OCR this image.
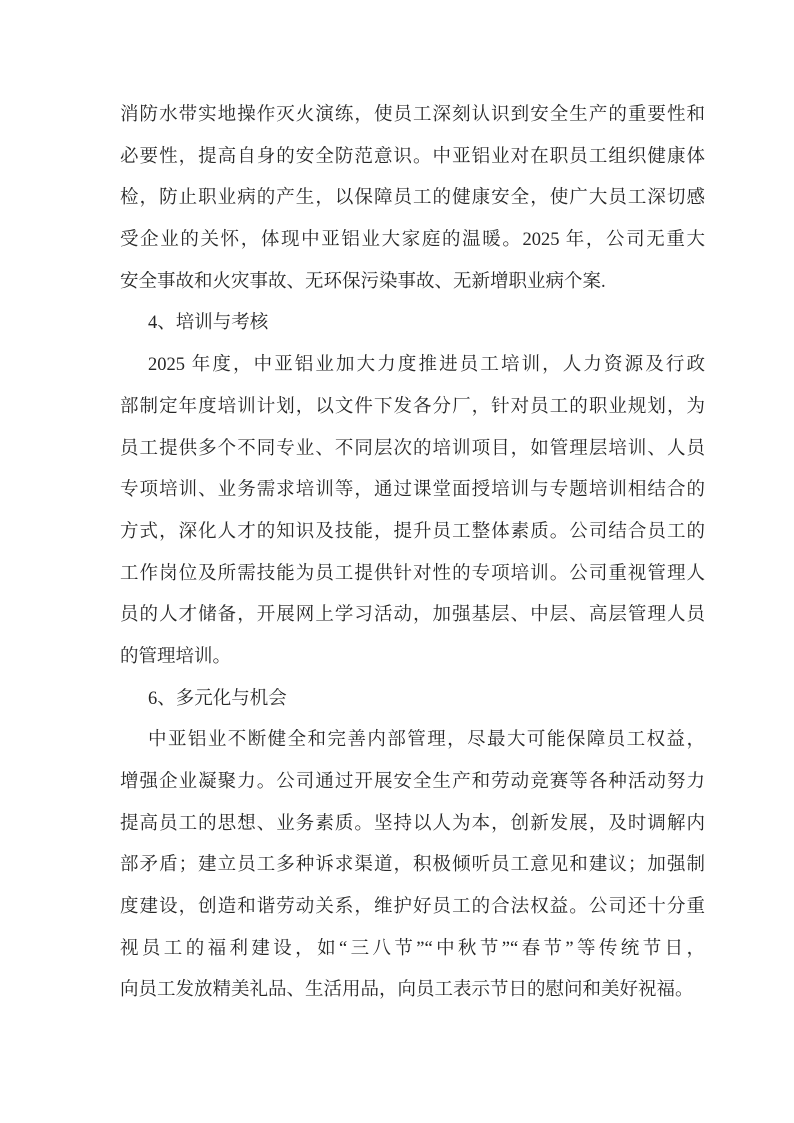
消防水带实地操作灭火演练，使员工深刻认识到安全生产的重要性和
必要性，提高自身的安全防范意识。中亚铝业对在职员工组织健康体
检，防止职业病的产生，以保障员工的健康安全，使广大员工深切感
受企业的关怀，体现中亚铝业大家庭的温暖。2025 年，公司无重大
安全事故和火灾事故、无环保污染事故、无新增职业病个案.
4、培训与考核
2025 年度，中亚铝业加大力度推进员工培训，人力资源及行政
部制定年度培训计划，以文件下发各分厂，针对员工的职业规划，为
员工提供多个不同专业、不同层次的培训项目，如管理层培训、人员
专项培训、业务需求培训等，通过课堂面授培训与专题培训相结合的
方式，深化人才的知识及技能，提升员工整体素质。公司结合员工的
工作岗位及所需技能为员工提供针对性的专项培训。公司重视管理人
员的人才储备，开展网上学习活动，加强基层、中层、高层管理人员
的管理培训。
6、多元化与机会
中亚铝业不断健全和完善内部管理，尽最大可能保障员工权益，
增强企业凝聚力。公司通过开展安全生产和劳动竞赛等各种活动努力
提高员工的思想、业务素质。坚持以人为本，创新发展，及时调解内
部矛盾；建立员工多种诉求渠道，积极倾听员工意见和建议；加强制
度建设，创造和谐劳动关系，维护好员工的合法权益。公司还十分重
视员工的福利建设，如“三八节”“中秋节”“春节”等传统节日，
向员工发放精美礼品、生活用品，向员工表示节日的慰问和美好祝福。
